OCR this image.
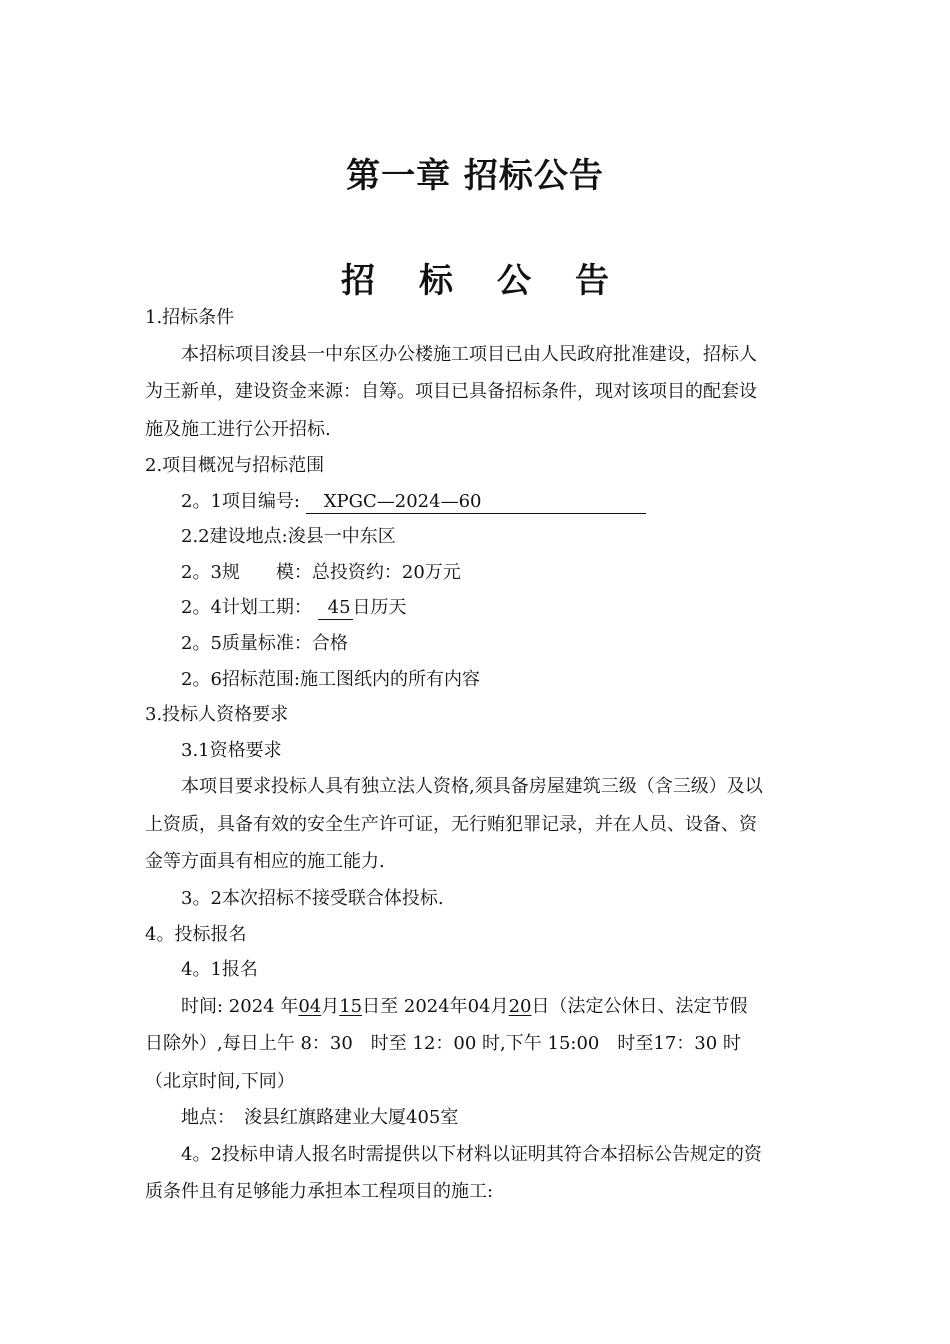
第一章 招标公告
招 标 公 告
1.招标条件
本招标项目浚县一中东区办公楼施工项目已由人民政府批准建设，招标人
为王新单，建设资金来源：自筹。项目已具备招标条件，现对该项目的配套设
施及施工进行公开招标.
2.项目概况与招标范围
2。1项目编号: XPGC—2024—60
2.2建设地点:浚县一中东区
2。3规　　模：总投资约：20万元
2。4计划工期： 45 日历天
2。5质量标准：合格
2。6招标范围:施工图纸内的所有内容
3.投标人资格要求
3.1资格要求
本项目要求投标人具有独立法人资格,须具备房屋建筑三级（含三级）及以
上资质，具备有效的安全生产许可证，无行贿犯罪记录，并在人员、设备、资
金等方面具有相应的施工能力.
3。2本次招标不接受联合体投标.
4。投标报名
4。1报名
时间: 2024 年04月15日至 2024年04月20日（法定公休日、法定节假
日除外）,每日上午 8：30　时至 12：00 时,下午 15:00　时至17：30 时
（北京时间,下同）
地点：　浚县红旗路建业大厦405室
4。2投标申请人报名时需提供以下材料以证明其符合本招标公告规定的资
质条件且有足够能力承担本工程项目的施工:
